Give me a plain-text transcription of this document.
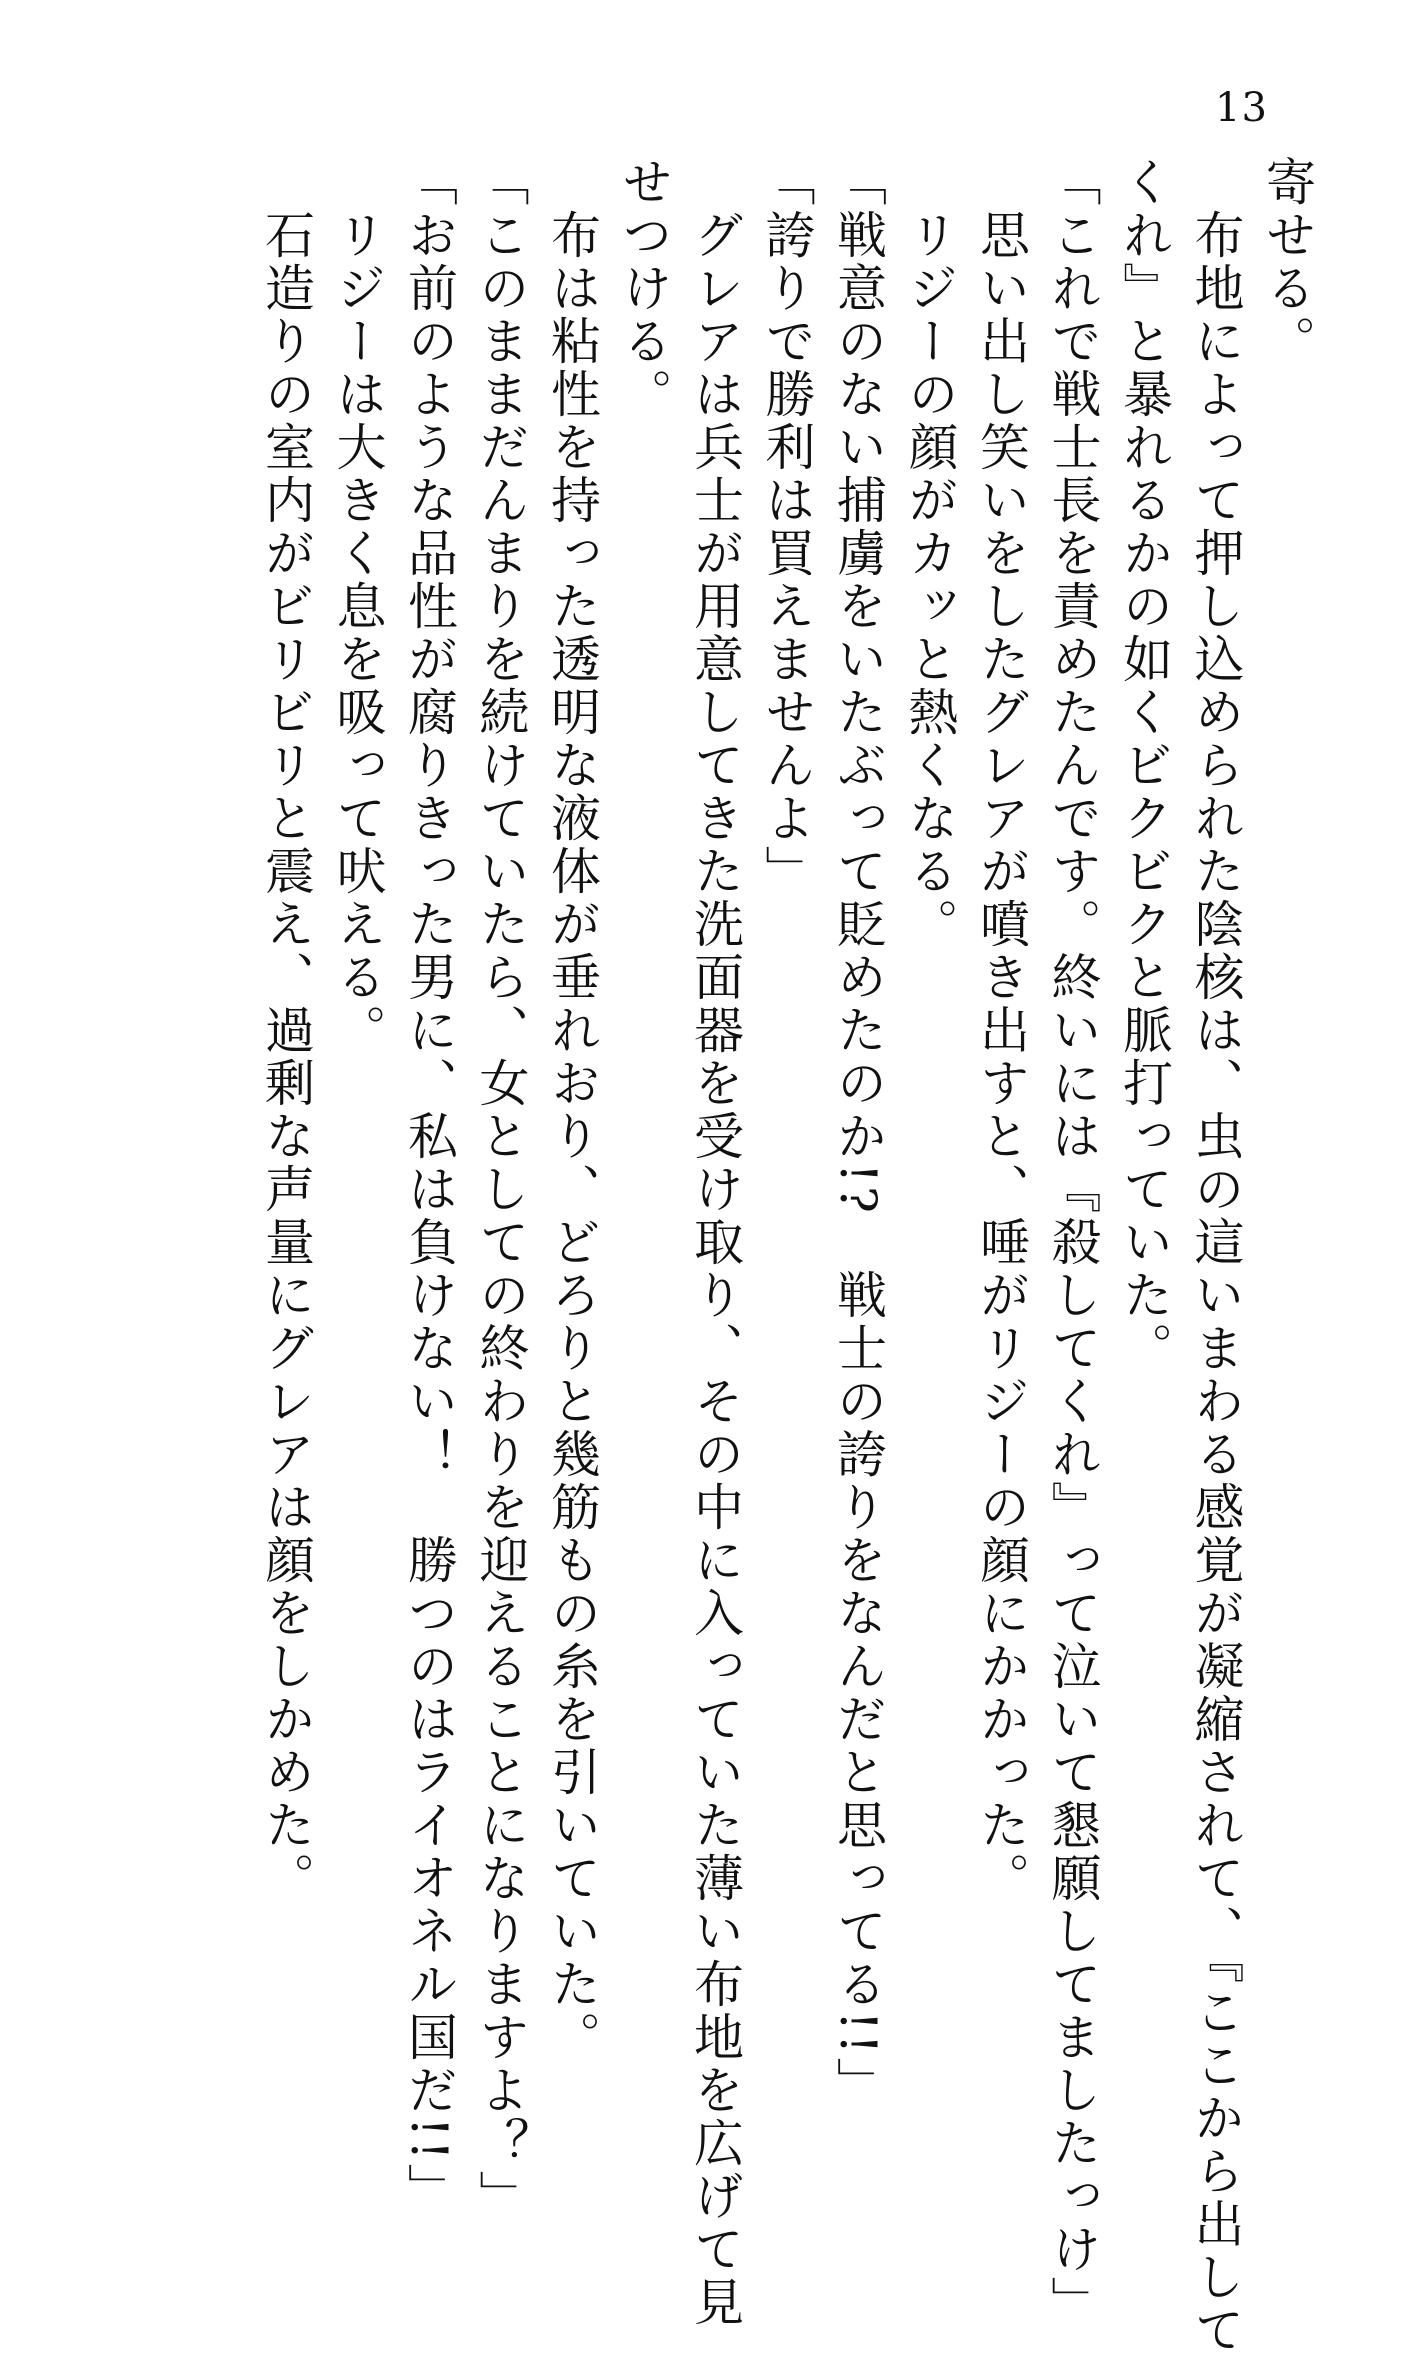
13
寄せる。
　布地によって押し込められた陰核は、虫の這いまわる感覚が凝縮されて、『ここから出して
くれ』と暴れるかの如くビクビクと脈打っていた。
「これで戦士長を責めたんです。終いには『殺してくれ』って泣いて懇願してましたっけ」
　思い出し笑いをしたグレアが噴き出すと、唾がリジーの顔にかかった。
　リジーの顔がカッと熱くなる。
「戦意のない捕虜をいたぶって貶めたのか!?　戦士の誇りをなんだと思ってる!!」
「誇りで勝利は買えませんよ」
　グレアは兵士が用意してきた洗面器を受け取り、その中に入っていた薄い布地を広げて見
せつける。
　布は粘性を持った透明な液体が垂れおり、どろりと幾筋もの糸を引いていた。
「このままだんまりを続けていたら、女としての終わりを迎えることになりますよ？」
「お前のような品性が腐りきった男に、私は負けない！　勝つのはライオネル国だ!!」
　リジーは大きく息を吸って吠える。
　石造りの室内がビリビリと震え、過剰な声量にグレアは顔をしかめた。
